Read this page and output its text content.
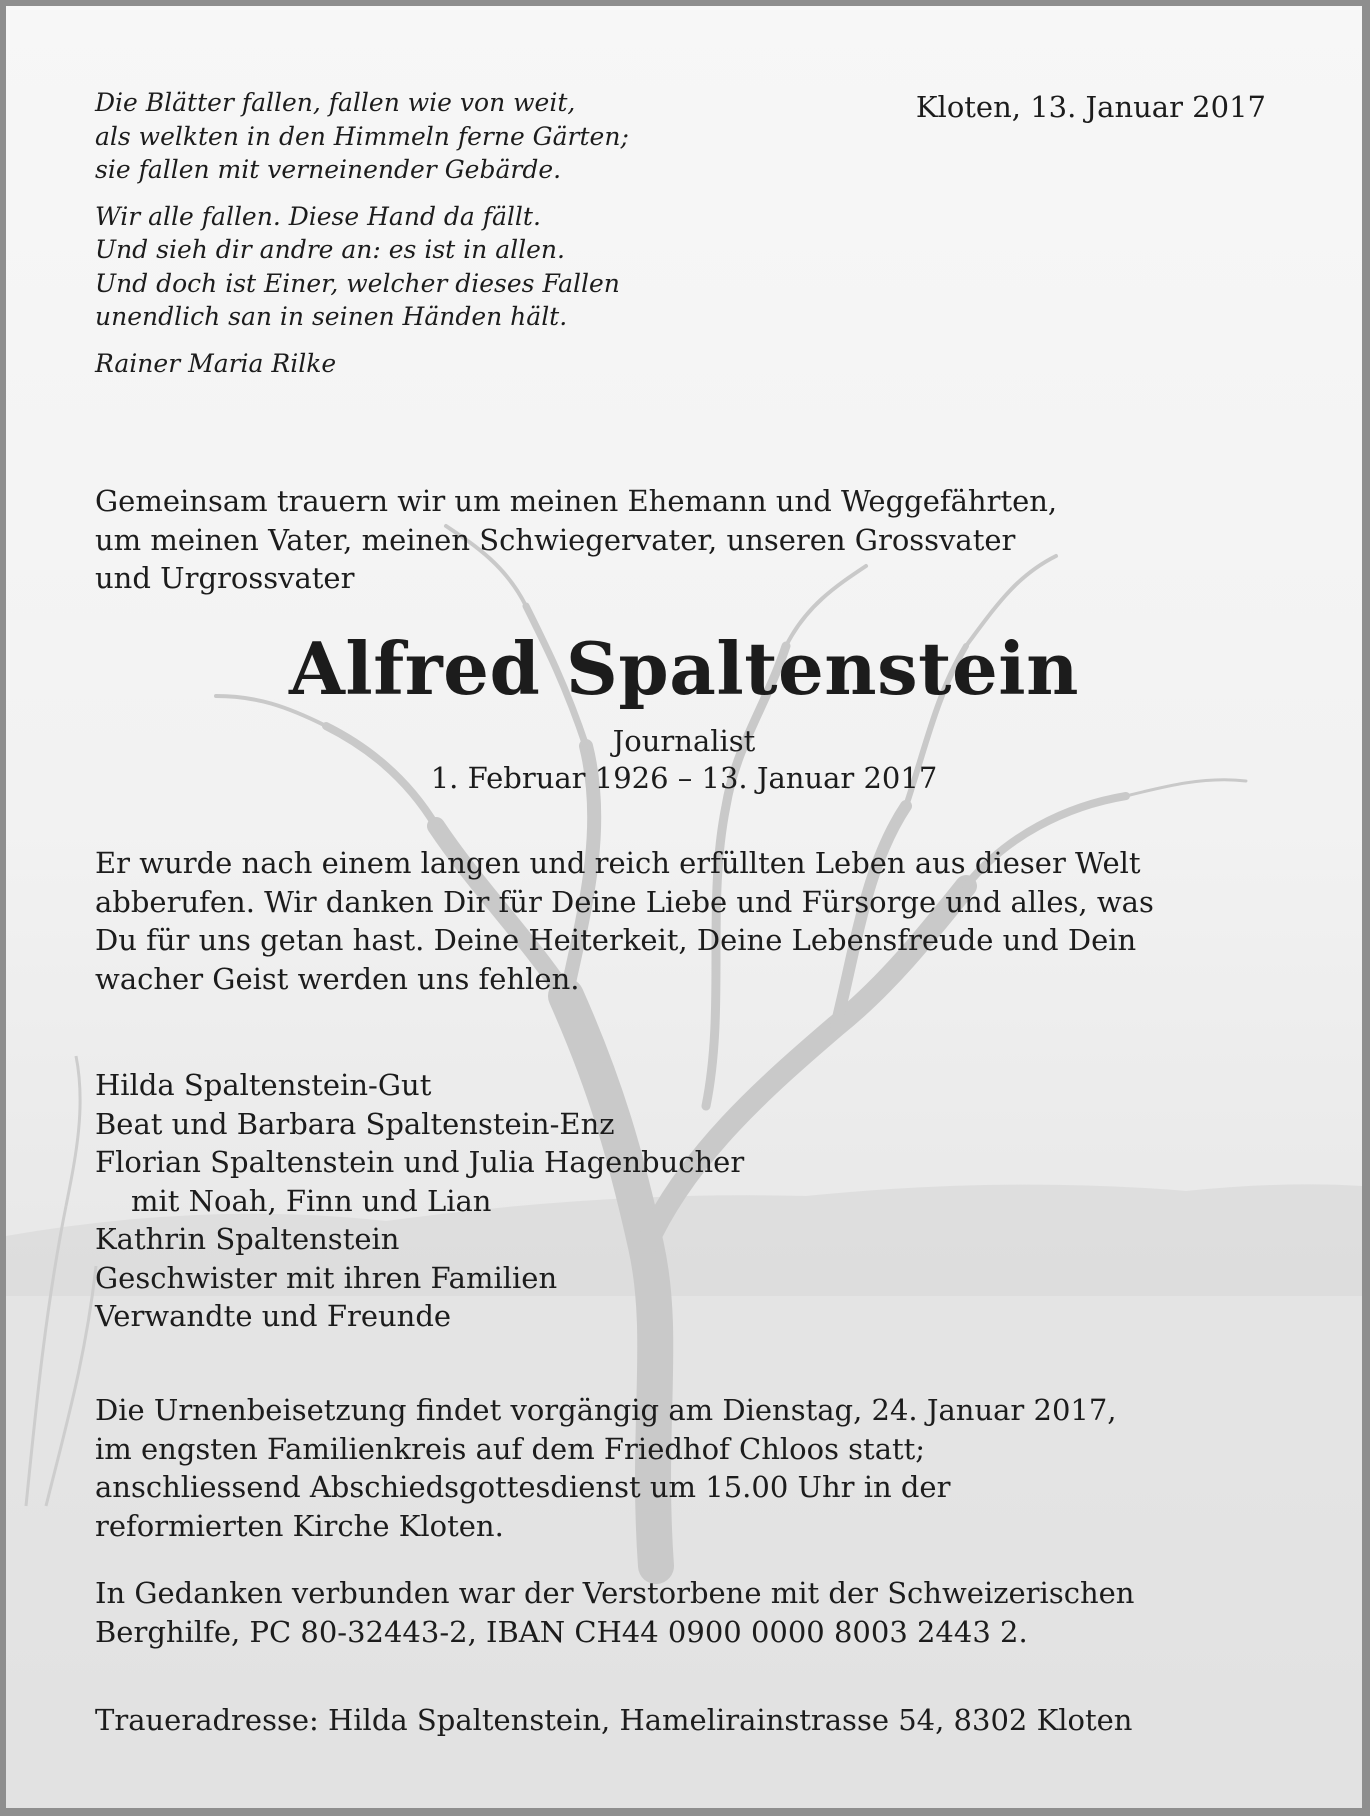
Kloten, 13. Januar 2017

Die Blätter fallen, fallen wie von weit,
als welkten in den Himmeln ferne Gärten;
sie fallen mit verneinender Gebärde.

Wir alle fallen. Diese Hand da fällt.
Und sieh dir andre an: es ist in allen.
Und doch ist Einer, welcher dieses Fallen
unendlich san in seinen Händen hält.

Rainer Maria Rilke

Gemeinsam trauern wir um meinen Ehemann und Weggefährten,
um meinen Vater, meinen Schwiegervater, unseren Grossvater
und Urgrossvater
Alfred Spaltenstein
Journalist
1. Februar 1926 – 13. Januar 2017
Er wurde nach einem langen und reich erfüllten Leben aus dieser Welt
abberufen. Wir danken Dir für Deine Liebe und Fürsorge und alles, was
Du für uns getan hast. Deine Heiterkeit, Deine Lebensfreude und Dein
wacher Geist werden uns fehlen.
Hilda Spaltenstein-Gut
Beat und Barbara Spaltenstein-Enz
Florian Spaltenstein und Julia Hagenbucher
mit Noah, Finn und Lian
Kathrin Spaltenstein
Geschwister mit ihren Familien
Verwandte und Freunde
Die Urnenbeisetzung findet vorgängig am Dienstag, 24. Januar 2017,
im engsten Familienkreis auf dem Friedhof Chloos statt;
anschliessend Abschiedsgottesdienst um 15.00 Uhr in der
reformierten Kirche Kloten.
In Gedanken verbunden war der Verstorbene mit der Schweizerischen
Berghilfe, PC 80-32443-2, IBAN CH44 0900 0000 8003 2443 2.
Traueradresse: Hilda Spaltenstein, Hamelirainstrasse 54, 8302 Kloten
